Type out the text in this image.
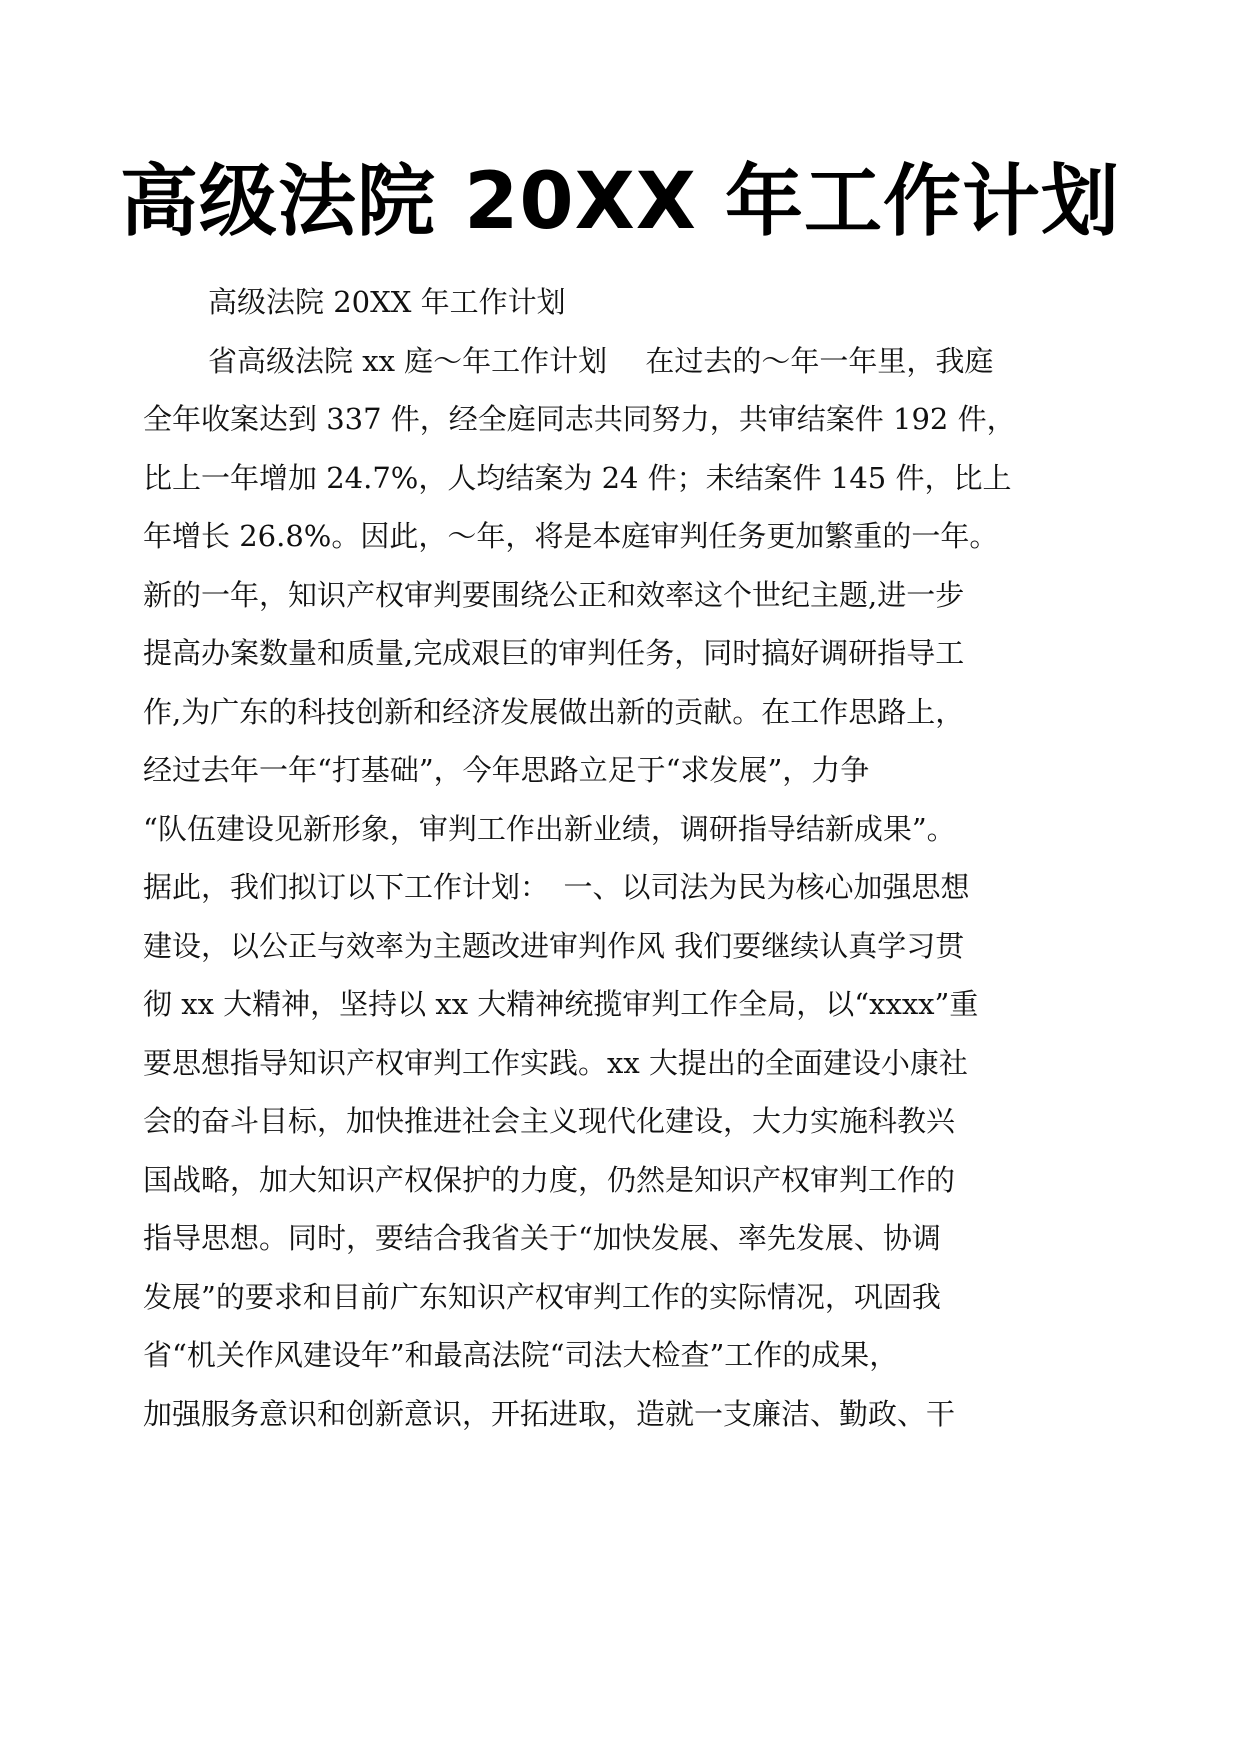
高级法院 20XX 年工作计划
高级法院 20XX 年工作计划
省高级法院 xx 庭～年工作计划　 在过去的～年一年里，我庭
全年收案达到 337 件，经全庭同志共同努力，共审结案件 192 件，
比上一年增加 24.7%，人均结案为 24 件；未结案件 145 件，比上
年增长 26.8%。因此，～年，将是本庭审判任务更加繁重的一年。
新的一年，知识产权审判要围绕公正和效率这个世纪主题,进一步
提高办案数量和质量,完成艰巨的审判任务，同时搞好调研指导工
作,为广东的科技创新和经济发展做出新的贡献。在工作思路上，
经过去年一年“打基础”，今年思路立足于“求发展”，力争
“队伍建设见新形象，审判工作出新业绩，调研指导结新成果”。
据此，我们拟订以下工作计划：　一、以司法为民为核心加强思想
建设，以公正与效率为主题改进审判作风 我们要继续认真学习贯
彻 xx 大精神，坚持以 xx 大精神统揽审判工作全局，以“xxxx”重
要思想指导知识产权审判工作实践。xx 大提出的全面建设小康社
会的奋斗目标，加快推进社会主义现代化建设，大力实施科教兴
国战略，加大知识产权保护的力度，仍然是知识产权审判工作的
指导思想。同时，要结合我省关于“加快发展、率先发展、协调
发展”的要求和目前广东知识产权审判工作的实际情况，巩固我
省“机关作风建设年”和最高法院“司法大检查”工作的成果，
加强服务意识和创新意识，开拓进取，造就一支廉洁、勤政、干
